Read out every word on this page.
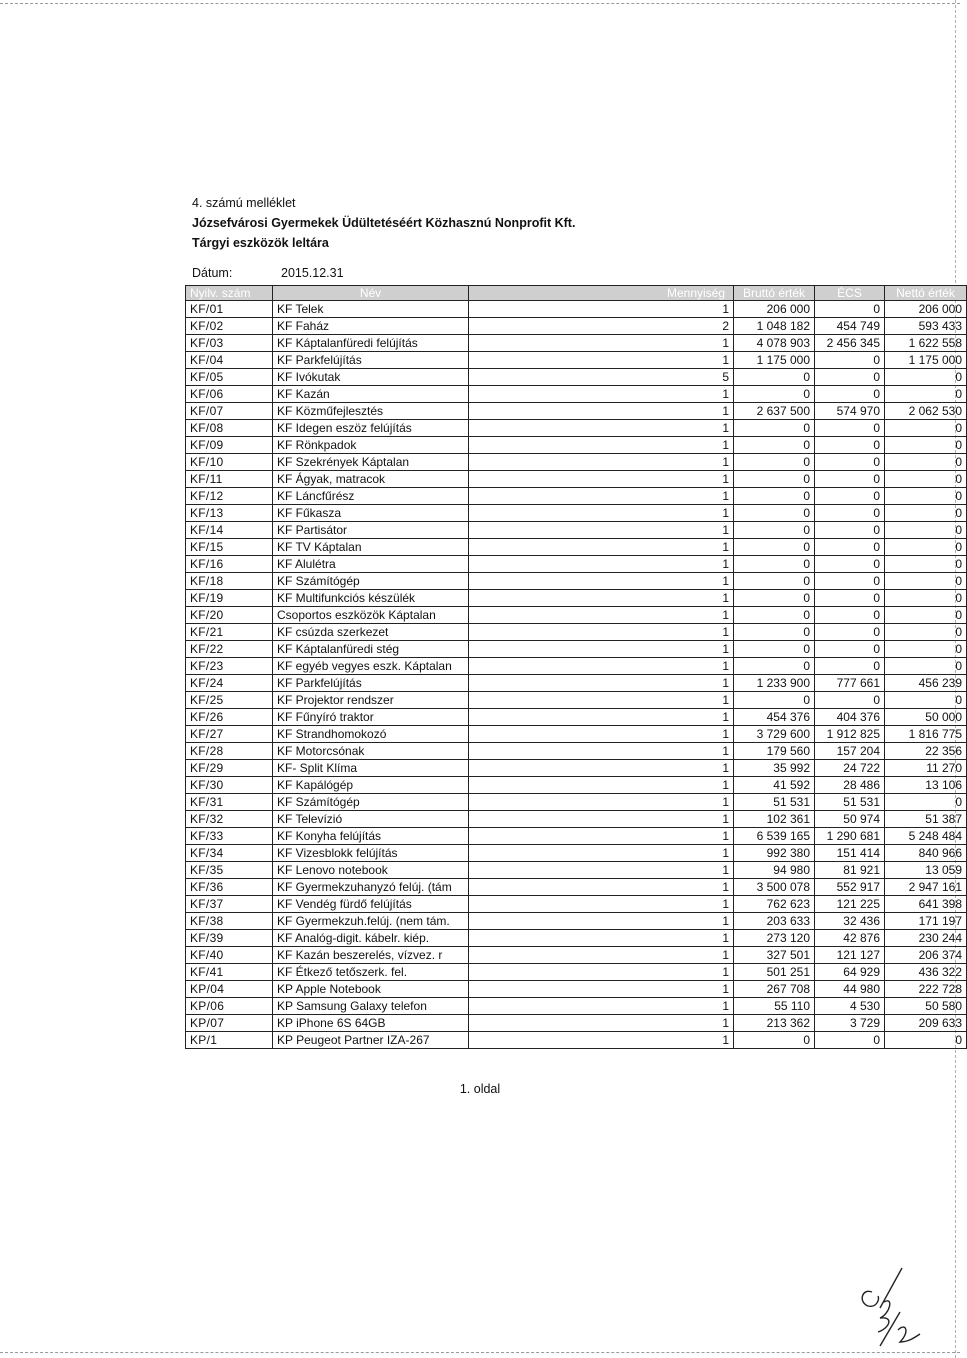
4. számú melléklet
Józsefvárosi Gyermekek Üdültetéséért Közhasznú Nonprofit Kft.
Tárgyi eszközök leltára
Dátum:	2015.12.31
Nyilv. szám	Név	Mennyiség	Bruttó érték	ÉCS	Nettó érték
KF/01	KF Telek	1	206 000	0	206 000
KF/02	KF Faház	2	1 048 182	454 749	593 433
KF/03	KF Káptalanfüredi felújítás	1	4 078 903	2 456 345	1 622 558
KF/04	KF Parkfelújítás	1	1 175 000	0	1 175 000
KF/05	KF Ivókutak	5	0	0	0
KF/06	KF Kazán	1	0	0	0
KF/07	KF Közműfejlesztés	1	2 637 500	574 970	2 062 530
KF/08	KF Idegen eszöz felújítás	1	0	0	0
KF/09	KF Rönkpadok	1	0	0	0
KF/10	KF Szekrények Káptalan	1	0	0	0
KF/11	KF Ágyak, matracok	1	0	0	0
KF/12	KF Láncfűrész	1	0	0	0
KF/13	KF Fűkasza	1	0	0	0
KF/14	KF Partisátor	1	0	0	0
KF/15	KF TV Káptalan	1	0	0	0
KF/16	KF Alulétra	1	0	0	0
KF/18	KF Számítógép	1	0	0	0
KF/19	KF Multifunkciós készülék	1	0	0	0
KF/20	Csoportos eszközök Káptalan	1	0	0	0
KF/21	KF csúzda szerkezet	1	0	0	0
KF/22	KF Káptalanfüredi stég	1	0	0	0
KF/23	KF egyéb vegyes eszk. Káptalan	1	0	0	0
KF/24	KF Parkfelújítás	1	1 233 900	777 661	456 239
KF/25	KF Projektor rendszer	1	0	0	0
KF/26	KF Fűnyíró traktor	1	454 376	404 376	50 000
KF/27	KF Strandhomokozó	1	3 729 600	1 912 825	1 816 775
KF/28	KF Motorcsónak	1	179 560	157 204	22 356
KF/29	KF- Split Klíma	1	35 992	24 722	11 270
KF/30	KF Kapálógép	1	41 592	28 486	13 106
KF/31	KF Számítógép	1	51 531	51 531	0
KF/32	KF Televízió	1	102 361	50 974	51 387
KF/33	KF Konyha felújítás	1	6 539 165	1 290 681	5 248 484
KF/34	KF Vizesblokk felújítás	1	992 380	151 414	840 966
KF/35	KF Lenovo notebook	1	94 980	81 921	13 059
KF/36	KF Gyermekzuhanyzó felúj. (tám	1	3 500 078	552 917	2 947 161
KF/37	KF Vendég fürdő felújítás	1	762 623	121 225	641 398
KF/38	KF Gyermekzuh.felúj. (nem tám.	1	203 633	32 436	171 197
KF/39	KF Analóg-digit. kábelr. kiép.	1	273 120	42 876	230 244
KF/40	KF Kazán beszerelés, vízvez. r	1	327 501	121 127	206 374
KF/41	KF Étkező tetőszerk. fel.	1	501 251	64 929	436 322
KP/04	KP Apple Notebook	1	267 708	44 980	222 728
KP/06	KP Samsung Galaxy telefon	1	55 110	4 530	50 580
KP/07	KP iPhone 6S 64GB	1	213 362	3 729	209 633
KP/1	KP Peugeot Partner IZA-267	1	0	0	0
1. oldal
